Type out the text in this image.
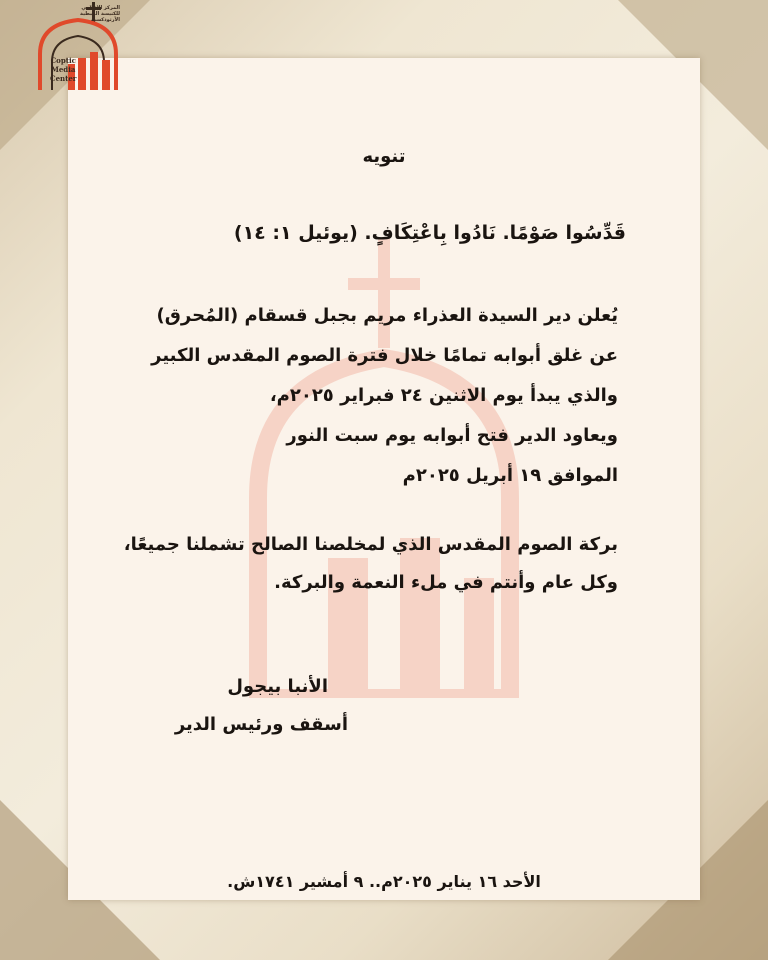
المركز الإعلامي
للكنيسة القبطية الأرثوذكسية
Coptic
Media
Center
تنويه
قَدِّسُوا صَوْمًا. نَادُوا بِاعْتِكَافٍ. (يوئيل ١: ١٤)
يُعلن دير السيدة العذراء مريم بجبل قسقام (المُحرق)
عن غلق أبوابه تمامًا خلال فترة الصوم المقدس الكبير
والذي يبدأ يوم الاثنين ٢٤ فبراير ٢٠٢٥م،
ويعاود الدير فتح أبوابه يوم سبت النور
الموافق ١٩ أبريل ٢٠٢٥م
بركة الصوم المقدس الذي لمخلصنا الصالح تشملنا جميعًا،
وكل عام وأنتم في ملء النعمة والبركة.
الأنبا بيجول
أسقف ورئيس الدير
الأحد ١٦ يناير ٢٠٢٥م.. ٩ أمشير ١٧٤١ش.
